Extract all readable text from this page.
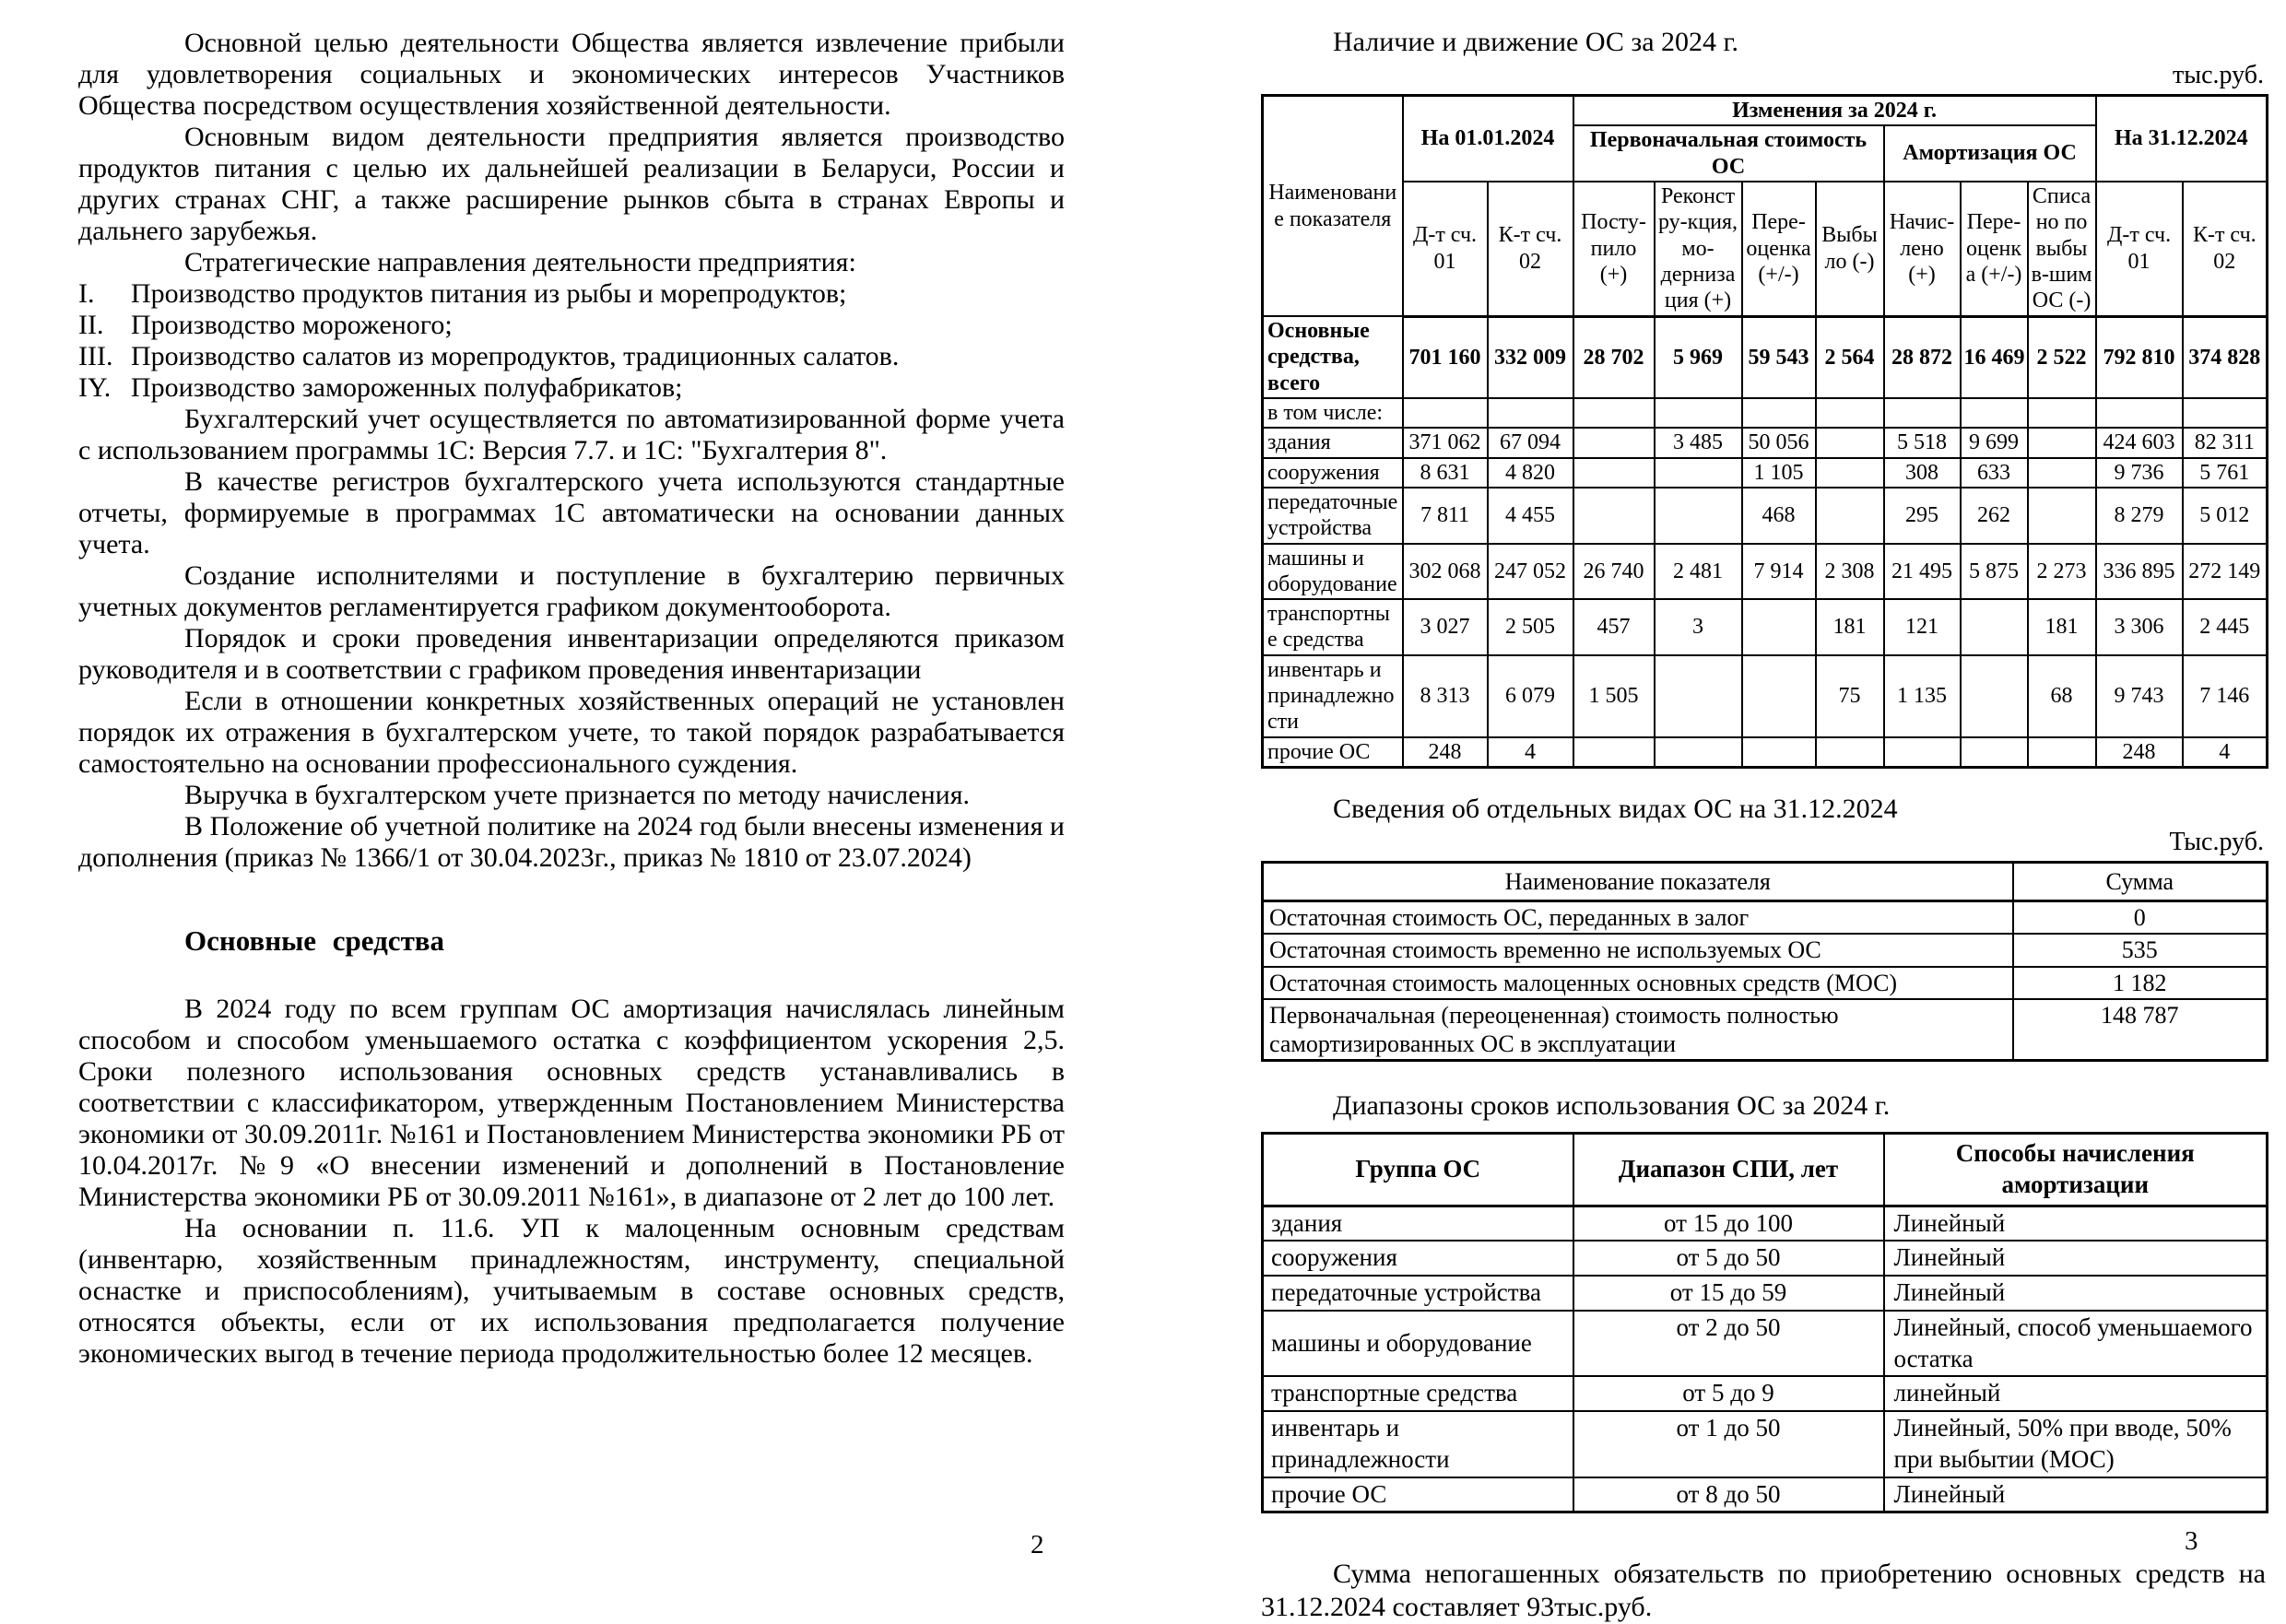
Основной целью деятельности Общества является извлечение прибыли для удовлетворения социальных и экономических интересов Участников Общества посредством осуществления хозяйственной деятельности.

Основным видом деятельности предприятия является производство продуктов питания с целью их дальнейшей реализации в Беларуси, России и других странах СНГ, а также расширение рынков сбыта в странах Европы и дальнего зарубежья.

Стратегические направления деятельности предприятия:

I.	Производство продуктов питания из рыбы и морепродуктов;
II. Производство мороженого;
III. Производство салатов из морепродуктов, традиционных салатов.
IY. Производство замороженных полуфабрикатов;

Бухгалтерский учет осуществляется по автоматизированной форме учета с использованием программы 1С: Версия 7.7. и 1С: "Бухгалтерия 8".

В качестве регистров бухгалтерского учета используются стандартные отчеты, формируемые в программах 1С автоматически на основании данных учета.

Создание исполнителями и поступление в бухгалтерию первичных учетных документов регламентируется графиком документооборота.

Порядок и сроки проведения инвентаризации определяются приказом руководителя и в соответствии с графиком проведения инвентаризации

Если в отношении конкретных хозяйственных операций не установлен порядок их отражения в бухгалтерском учете, то такой порядок разрабатывается самостоятельно на основании профессионального суждения.

Выручка в бухгалтерском учете признается по методу начисления.

В Положение об учетной политике на 2024 год были внесены изменения и дополнения (приказ № 1366/1 от 30.04.2023г., приказ № 1810 от 23.07.2024)

Основные средства

В 2024 году по всем группам ОС амортизация начислялась линейным способом и способом уменьшаемого остатка с коэффициентом ускорения 2,5. Сроки полезного использования основных средств устанавливались в соответствии с классификатором, утвержденным Постановлением Министерства экономики от 30.09.2011г. №161 и Постановлением Министерства экономики РБ от 10.04.2017г. №9 «О внесении изменений и дополнений в Постановление Министерства экономики РБ от 30.09.2011 №161», в диапазоне от 2 лет до 100 лет.

На основании п. 11.6. УП к малоценным основным средствам (инвентарю, хозяйственным принадлежностям, инструменту, специальной оснастке и приспособлениям), учитываемым в составе основных средств, относятся объекты, если от их использования предполагается получение экономических выгод в течение периода продолжительностью более 12 месяцев.

Наличие и движение ОС за 2024 г.
тыс.руб.
Наименование показателя	На 01.01.2024		Изменения за 2024 г.							На 31.12.2024	
			Первоначальная стоимость ОС				Амортизация ОС				
	Д-т сч. 01	К-т сч. 02	Посту-пило (+)	Реконстру-кция, мо-дернизация (+)	Пере-оценка (+/-)	Выбыло (-)	Начис-лено (+)	Пере-оценка (+/-)	Списано по выбыв-шим ОС (-)	Д-т сч. 01	К-т сч. 02
Основные средства, всего	701 160	332 009	28 702	5 969	59 543	2 564	28 872	16 469	2 522	792 810	374 828
в том числе:											
здания	371 062	67 094		3 485	50 056		5 518	9 699		424 603	82 311
сооружения	8 631	4 820			1 105		308	633		9 736	5 761
передаточные устройства	7 811	4 455			468		295	262		8 279	5 012
машины и оборудование	302 068	247 052	26 740	2 481	7 914	2 308	21 495	5 875	2 273	336 895	272 149
транспортные средства	3 027	2 505	457	3		181	121		181	3 306	2 445
инвентарь и принадлежности	8 313	6 079	1 505			75	1 135		68	9 743	7 146
прочие ОС	248	4								248	4
Сведения об отдельных видах ОС на 31.12.2024
Тыс.руб.
Наименование показателя	Сумма
Остаточная стоимость ОС, переданных в залог	0
Остаточная стоимость временно не используемых ОС	535
Остаточная стоимость малоценных основных средств (МОС)	1 182
Первоначальная (переоцененная) стоимость полностью самортизированных ОС в эксплуатации	148 787
Диапазоны сроков использования ОС за 2024 г.
Группа ОС	Диапазон СПИ, лет	Способы начисления амортизации
здания	от 15 до 100	Линейный
сооружения	от 5 до 50	Линейный
передаточные устройства	от 15 до 59	Линейный
машины и оборудование	от 2 до 50	Линейный, способ уменьшаемого остатка
транспортные средства	от 5 до 9	линейный
инвентарь и принадлежности	от 1 до 50	Линейный, 50% при вводе, 50% при выбытии (МОС)
прочие ОС	от 8 до 50	Линейный

Сумма непогашенных обязательств по приобретению основных средств на 31.12.2024 составляет 93тыс.руб.

2	3
